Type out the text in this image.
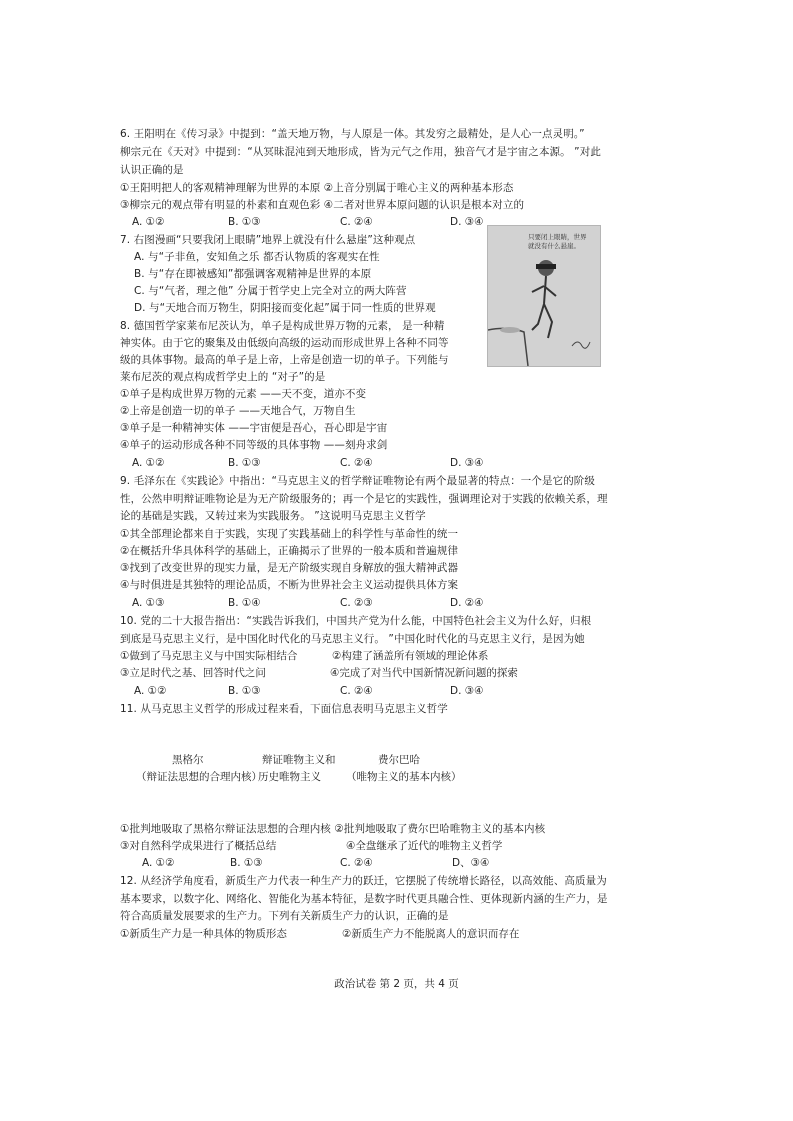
6. 王阳明在《传习录》中提到：“盖天地万物，与人原是一体。其发穷之最精处，是人心一点灵明。”
柳宗元在《天对》中提到：“从冥昧混沌到天地形成，皆为元气之作用，独音气才是宇宙之本源。 ”对此
认识正确的是
①王阳明把人的客观精神理解为世界的本原 ②上音分别属于唯心主义的两种基本形态
③柳宗元的观点带有明显的朴素和直观色彩 ④二者对世界本原问题的认识是根本对立的
A. ①②	B. ①③	C. ②④	D. ③④
7. 右图漫画“只要我闭上眼睛”地界上就没有什么悬崖”这种观点
A. 与“子非鱼，安知鱼之乐 都否认物质的客观实在性
B. 与“存在即被感知”都强调客观精神是世界的本原
C. 与“气者，理之他” 分属于哲学史上完全对立的两大阵营
D. 与“天地合而万物生，阴阳接而变化起”属于同一性质的世界观
只要闭上眼睛，世界
就没有什么悬崖。
8. 德国哲学家莱布尼茨认为，单子是构成世界万物的元素， 是一种精
神实体。由于它的聚集及由低级向高级的运动而形成世界上各种不同等
级的具体事物。最高的单子是上帝，上帝是创造一切的单子。下列能与
莱布尼茨的观点构成哲学史上的 “对子”的是
①单子是构成世界万物的元素 ——天不变，道亦不变
②上帝是创造一切的单子 ——天地合气，万物自生
③单子是一种精神实体 ——宇宙便是吾心，吾心即是宇宙
④单子的运动形成各种不同等级的具体事物 ——刻舟求剑
A. ①②	B. ①③	C. ②④	D. ③④
9. 毛泽东在《实践论》中指出：“马克思主义的哲学辩证唯物论有两个最显著的特点：一个是它的阶级
性，公然申明辩证唯物论是为无产阶级服务的；再一个是它的实践性，强调理论对于实践的依赖关系，理
论的基础是实践，又转过来为实践服务。 ”这说明马克思主义哲学
①其全部理论都来自于实践，实现了实践基础上的科学性与革命性的统一
②在概括升华具体科学的基础上，正确揭示了世界的一般本质和普遍规律
③找到了改变世界的现实力量，是无产阶级实现自身解放的强大精神武器
④与时俱进是其独特的理论品质，不断为世界社会主义运动提供具体方案
A. ①③	B. ①④	C. ②③	D. ②④
10. 党的二十大报告指出：“实践告诉我们，中国共产党为什么能，中国特色社会主义为什么好，归根
到底是马克思主义行，是中国化时代化的马克思主义行。 ”中国化时代化的马克思主义行，是因为她
①做到了马克思主义与中国实际相结合	②构建了涵盖所有领域的理论体系
③立足时代之基、回答时代之问	④完成了对当代中国新情况新问题的探索
A. ①②	B. ①③	C. ②④	D. ③④
11. 从马克思主义哲学的形成过程来看，下面信息表明马克思主义哲学
黑格尔	辩证唯物主义和	费尔巴哈
（辩证法思想的合理内核）
历史唯物主义 （唯物主义的基本内核）
①批判地吸取了黑格尔辩证法思想的合理内核 ②批判地吸取了费尔巴哈唯物主义的基本内核
③对自然科学成果进行了概括总结	④全盘继承了近代的唯物主义哲学
A. ①②	B. ①③	C. ②④	D、③④
12. 从经济学角度看，新质生产力代表一种生产力的跃迁，它摆脱了传统增长路径，以高效能、高质量为
基本要求，以数字化、网络化、智能化为基本特征，是数字时代更具融合性、更体现新内涵的生产力，是
符合高质量发展要求的生产力。下列有关新质生产力的认识，正确的是
①新质生产力是一种具体的物质形态	②新质生产力不能脱离人的意识而存在
政治试卷 第 2 页，共 4 页
